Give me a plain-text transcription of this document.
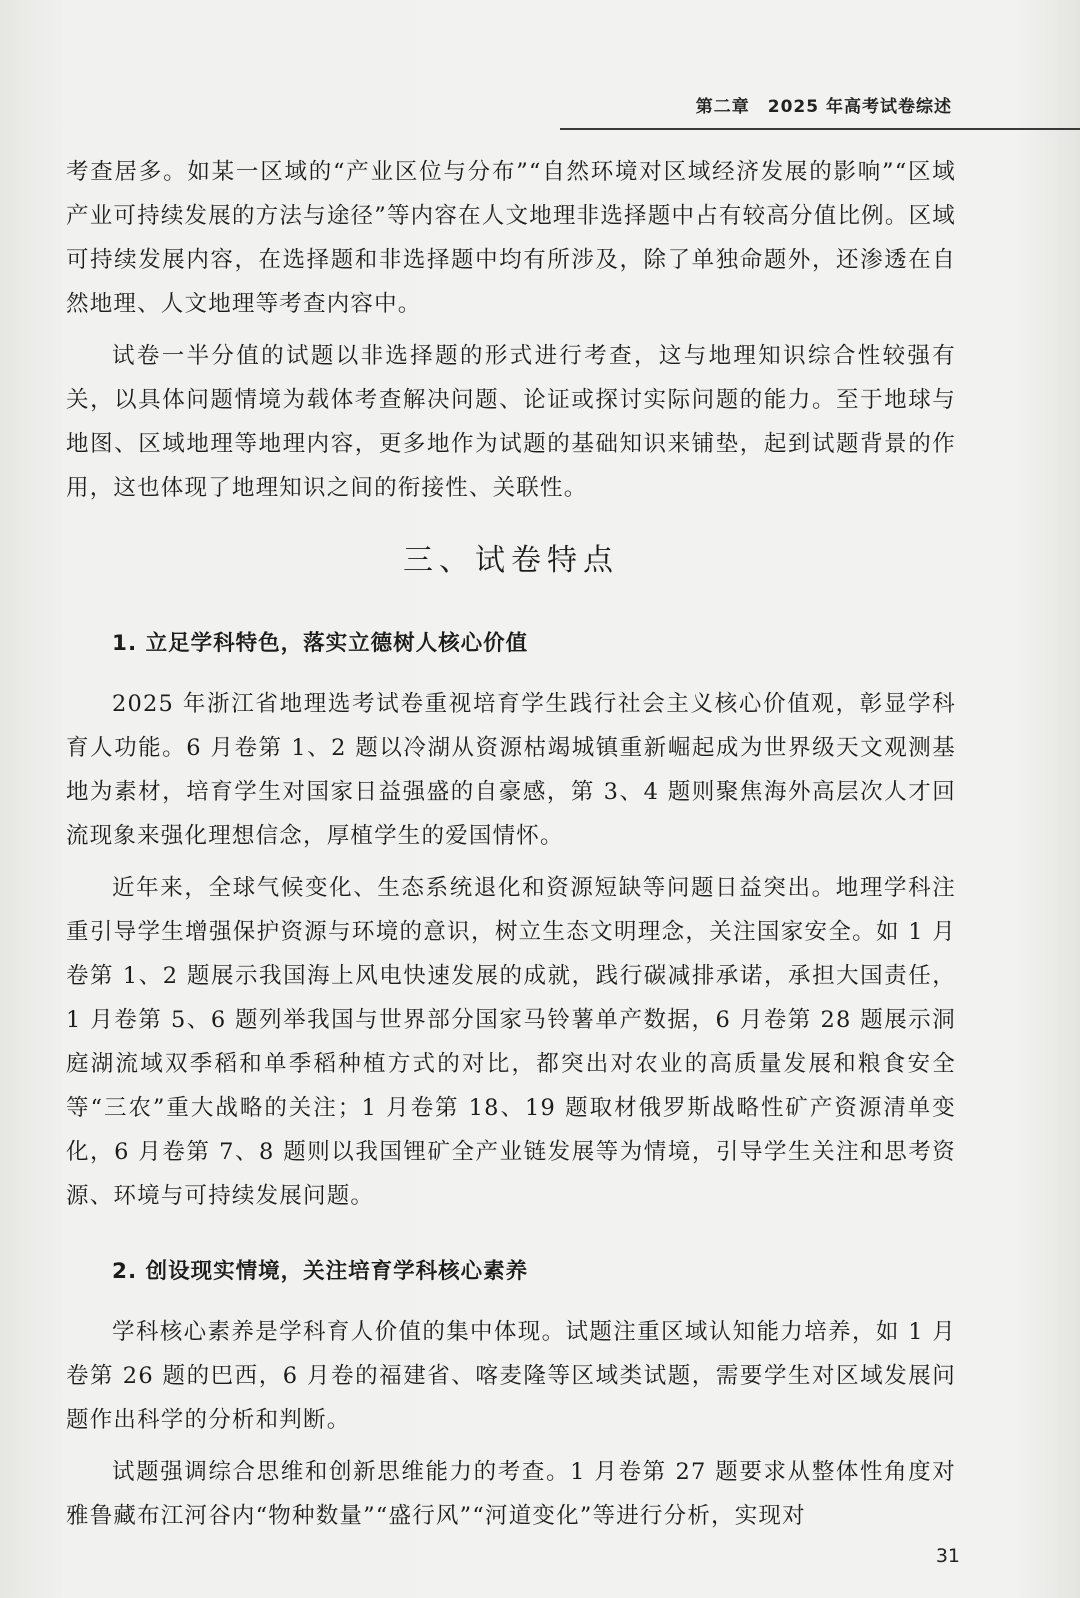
第二章　2025 年高考试卷综述

考查居多。如某一区域的“产业区位与分布”“自然环境对区域经济发展的影响”“区域产业可持续发展的方法与途径”等内容在人文地理非选择题中占有较高分值比例。区域可持续发展内容，在选择题和非选择题中均有所涉及，除了单独命题外，还渗透在自然地理、人文地理等考查内容中。

试卷一半分值的试题以非选择题的形式进行考查，这与地理知识综合性较强有关，以具体问题情境为载体考查解决问题、论证或探讨实际问题的能力。至于地球与地图、区域地理等地理内容，更多地作为试题的基础知识来铺垫，起到试题背景的作用，这也体现了地理知识之间的衔接性、关联性。

三、试卷特点
1. 立足学科特色，落实立德树人核心价值

2025 年浙江省地理选考试卷重视培育学生践行社会主义核心价值观，彰显学科育人功能。6 月卷第 1、2 题以冷湖从资源枯竭城镇重新崛起成为世界级天文观测基地为素材，培育学生对国家日益强盛的自豪感，第 3、4 题则聚焦海外高层次人才回流现象来强化理想信念，厚植学生的爱国情怀。

近年来，全球气候变化、生态系统退化和资源短缺等问题日益突出。地理学科注重引导学生增强保护资源与环境的意识，树立生态文明理念，关注国家安全。如 1 月卷第 1、2 题展示我国海上风电快速发展的成就，践行碳减排承诺，承担大国责任，1 月卷第 5、6 题列举我国与世界部分国家马铃薯单产数据，6 月卷第 28 题展示洞庭湖流域双季稻和单季稻种植方式的对比，都突出对农业的高质量发展和粮食安全等“三农”重大战略的关注；1 月卷第 18、19 题取材俄罗斯战略性矿产资源清单变化，6 月卷第 7、8 题则以我国锂矿全产业链发展等为情境，引导学生关注和思考资源、环境与可持续发展问题。

2. 创设现实情境，关注培育学科核心素养

学科核心素养是学科育人价值的集中体现。试题注重区域认知能力培养，如 1 月卷第 26 题的巴西，6 月卷的福建省、喀麦隆等区域类试题，需要学生对区域发展问题作出科学的分析和判断。

试题强调综合思维和创新思维能力的考查。1 月卷第 27 题要求从整体性角度对雅鲁藏布江河谷内“物种数量”“盛行风”“河道变化”等进行分析，实现对

31
